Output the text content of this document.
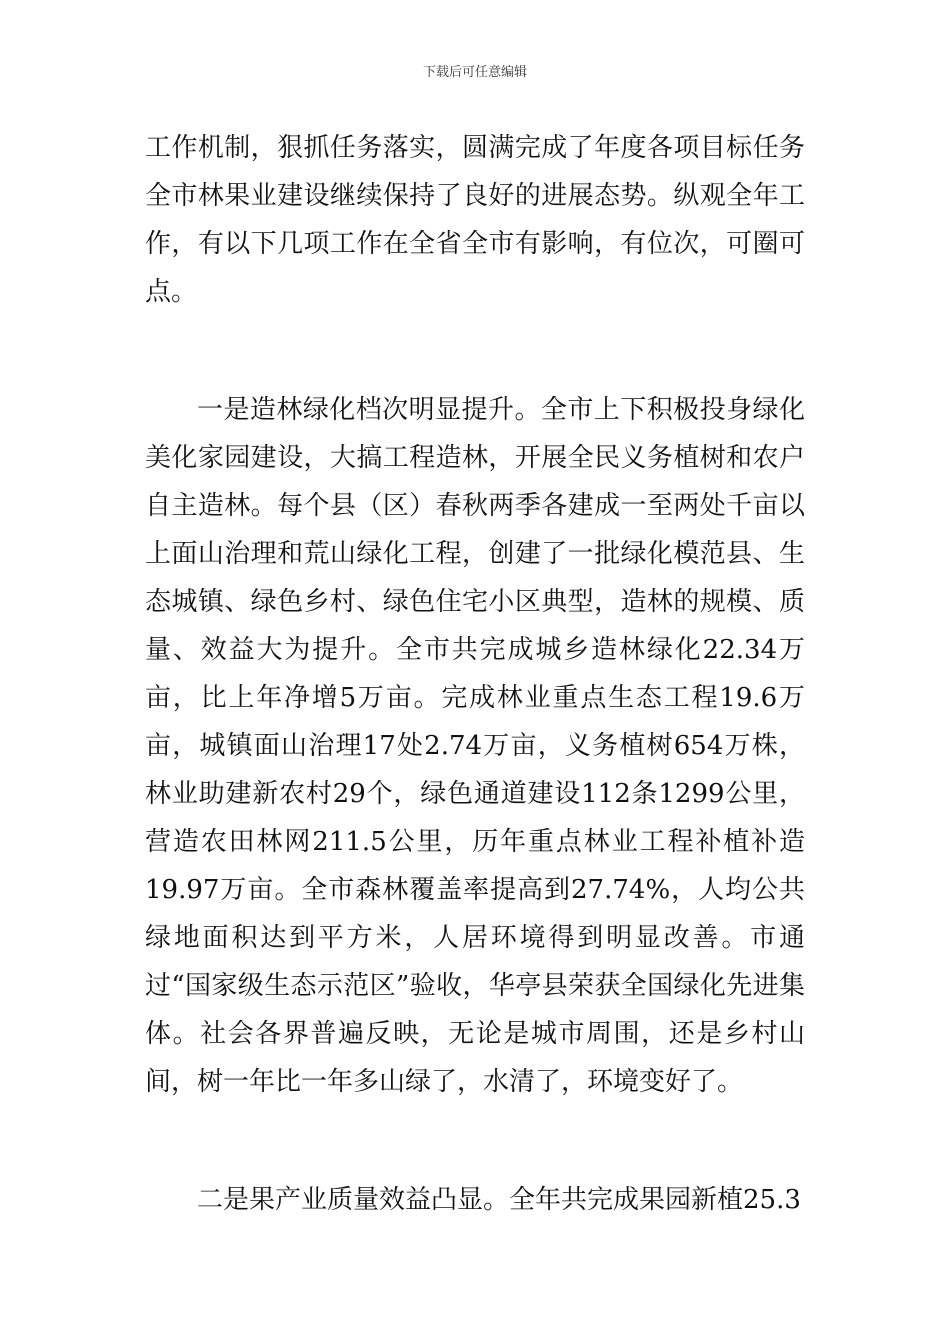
下载后可任意编辑

工作机制，狠抓任务落实，圆满完成了年度各项目标任务全市林果业建设继续保持了良好的进展态势。纵观全年工作，有以下几项工作在全省全市有影响，有位次，可圈可点。

一是造林绿化档次明显提升。全市上下积极投身绿化美化家园建设，大搞工程造林，开展全民义务植树和农户自主造林。每个县（区）春秋两季各建成一至两处千亩以上面山治理和荒山绿化工程，创建了一批绿化模范县、生态城镇、绿色乡村、绿色住宅小区典型，造林的规模、质量、效益大为提升。全市共完成城乡造林绿化22.34万亩，比上年净增5万亩。完成林业重点生态工程19.6万亩，城镇面山治理17处2.74万亩，义务植树654万株，林业助建新农村29个，绿色通道建设112条1299公里，营造农田林网211.5公里，历年重点林业工程补植补造19.97万亩。全市森林覆盖率提高到27.74%，人均公共绿地面积达到平方米，人居环境得到明显改善。市通过“国家级生态示范区”验收，华亭县荣获全国绿化先进集体。社会各界普遍反映，无论是城市周围，还是乡村山间，树一年比一年多山绿了，水清了，环境变好了。

二是果产业质量效益凸显。全年共完成果园新植25.3
